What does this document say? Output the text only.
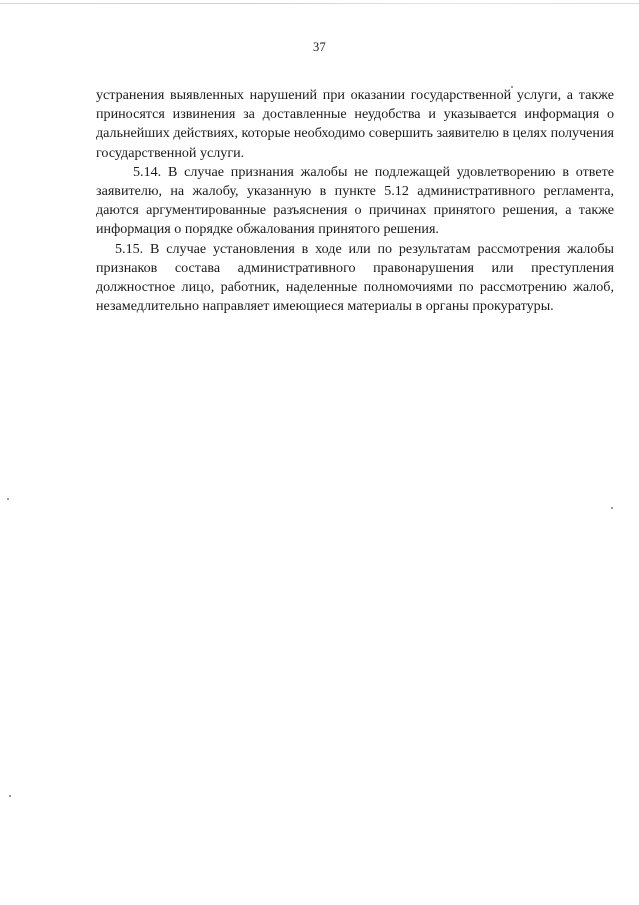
37

устранения выявленных нарушений при оказании государственной услуги, а также приносятся извинения за доставленные неудобства и указывается информация о дальнейших действиях, которые необходимо совершить заявителю в целях получения государственной услуги.

5.14. В случае признания жалобы не подлежащей удовлетворению в ответе заявителю, на жалобу, указанную в пункте 5.12 административного регламента, даются аргументированные разъяснения о причинах принятого решения, а также информация о порядке обжалования принятого решения.

5.15. В случае установления в ходе или по результатам рассмотрения жалобы признаков состава административного правонарушения или преступления должностное лицо, работник, наделенные полномочиями по рассмотрению жалоб, незамедлительно направляет имеющиеся материалы в органы прокуратуры.
